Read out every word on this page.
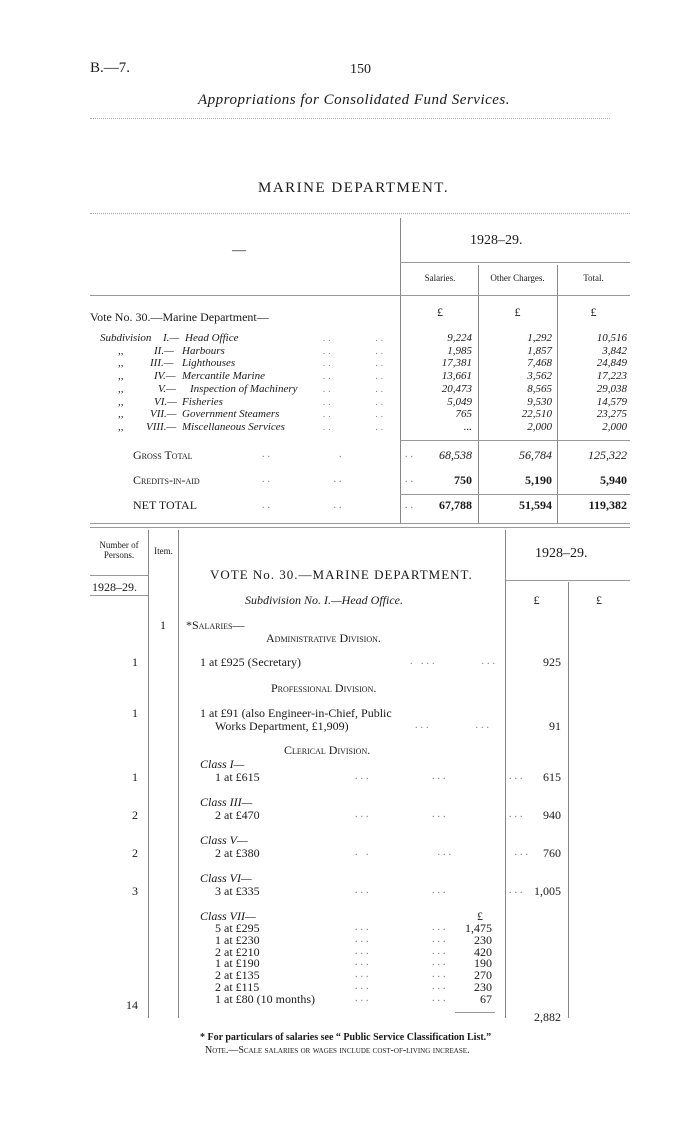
B.—7.	150
Appropriations for Consolidated Fund Services.
MARINE DEPARTMENT.
—
1928–29.
Salaries.	Other Charges.	Total.
£	£	£
Vote No. 30.—Marine Department—
Subdivision I.— Head Office	..        ..	9,224	1,292	10,516
,,	II.— Harbours	..        ..	1,985	1,857	3,842
,, III.— Lighthouses	..        ..	17,381	7,468	24,849
,,	IV.— Mercantile Marine	..        ..	13,661	3,562	17,223
,,	V.— Inspection of Machinery	..        ..	20,473	8,565	29,038
,,	VI.— Fisheries	..        ..	5,049	9,530	14,579
,, VII.— Government Steamers	..        ..	765	22,510	23,275
,, VIII.— Miscellaneous Services	..        ..	...	2,000	2,000
Gross Total	..            .           ..	68,538	56,784	125,322
Credits-in-aid	..           ..           ..	750	5,190	5,940
NET TOTAL	..           ..           ..	67,788	51,594	119,382
Number of Persons.	Item.	1928–29.
1928–29.
VOTE No. 30.—MARINE DEPARTMENT.
Subdivision No. I.—Head Office.	£	£
1 *Salaries—
Administrative Division.
1	1 at £925 (Secretary)	. ...        ...	925
Professional Division.
1	1 at £91 (also Engineer-in-Chief, Public
Works Department, £1,909)	...        ...	91
Clerical Division.
Class I—
1	1 at £615	...           ...           ...	615
Class III—
2	2 at £470	...           ...           ...	940
Class V—
2	2 at £380	. .            ...           ...	760
Class VI—
3	3 at £335	...           ...           ... 1,005
Class VII—	£
5 at £295	...           ...	1,475
1 at £230	...           ...	230
2 at £210	...           ...	420
1 at £190	...           ...	190
2 at £135	...           ...	270
2 at £115	...           ...	230
1 at £80 (10 months)	...           ...	67
14
2,882
* For particulars of salaries see “ Public Service Classification List.”
Note.—Scale salaries or wages include cost-of-living increase.
